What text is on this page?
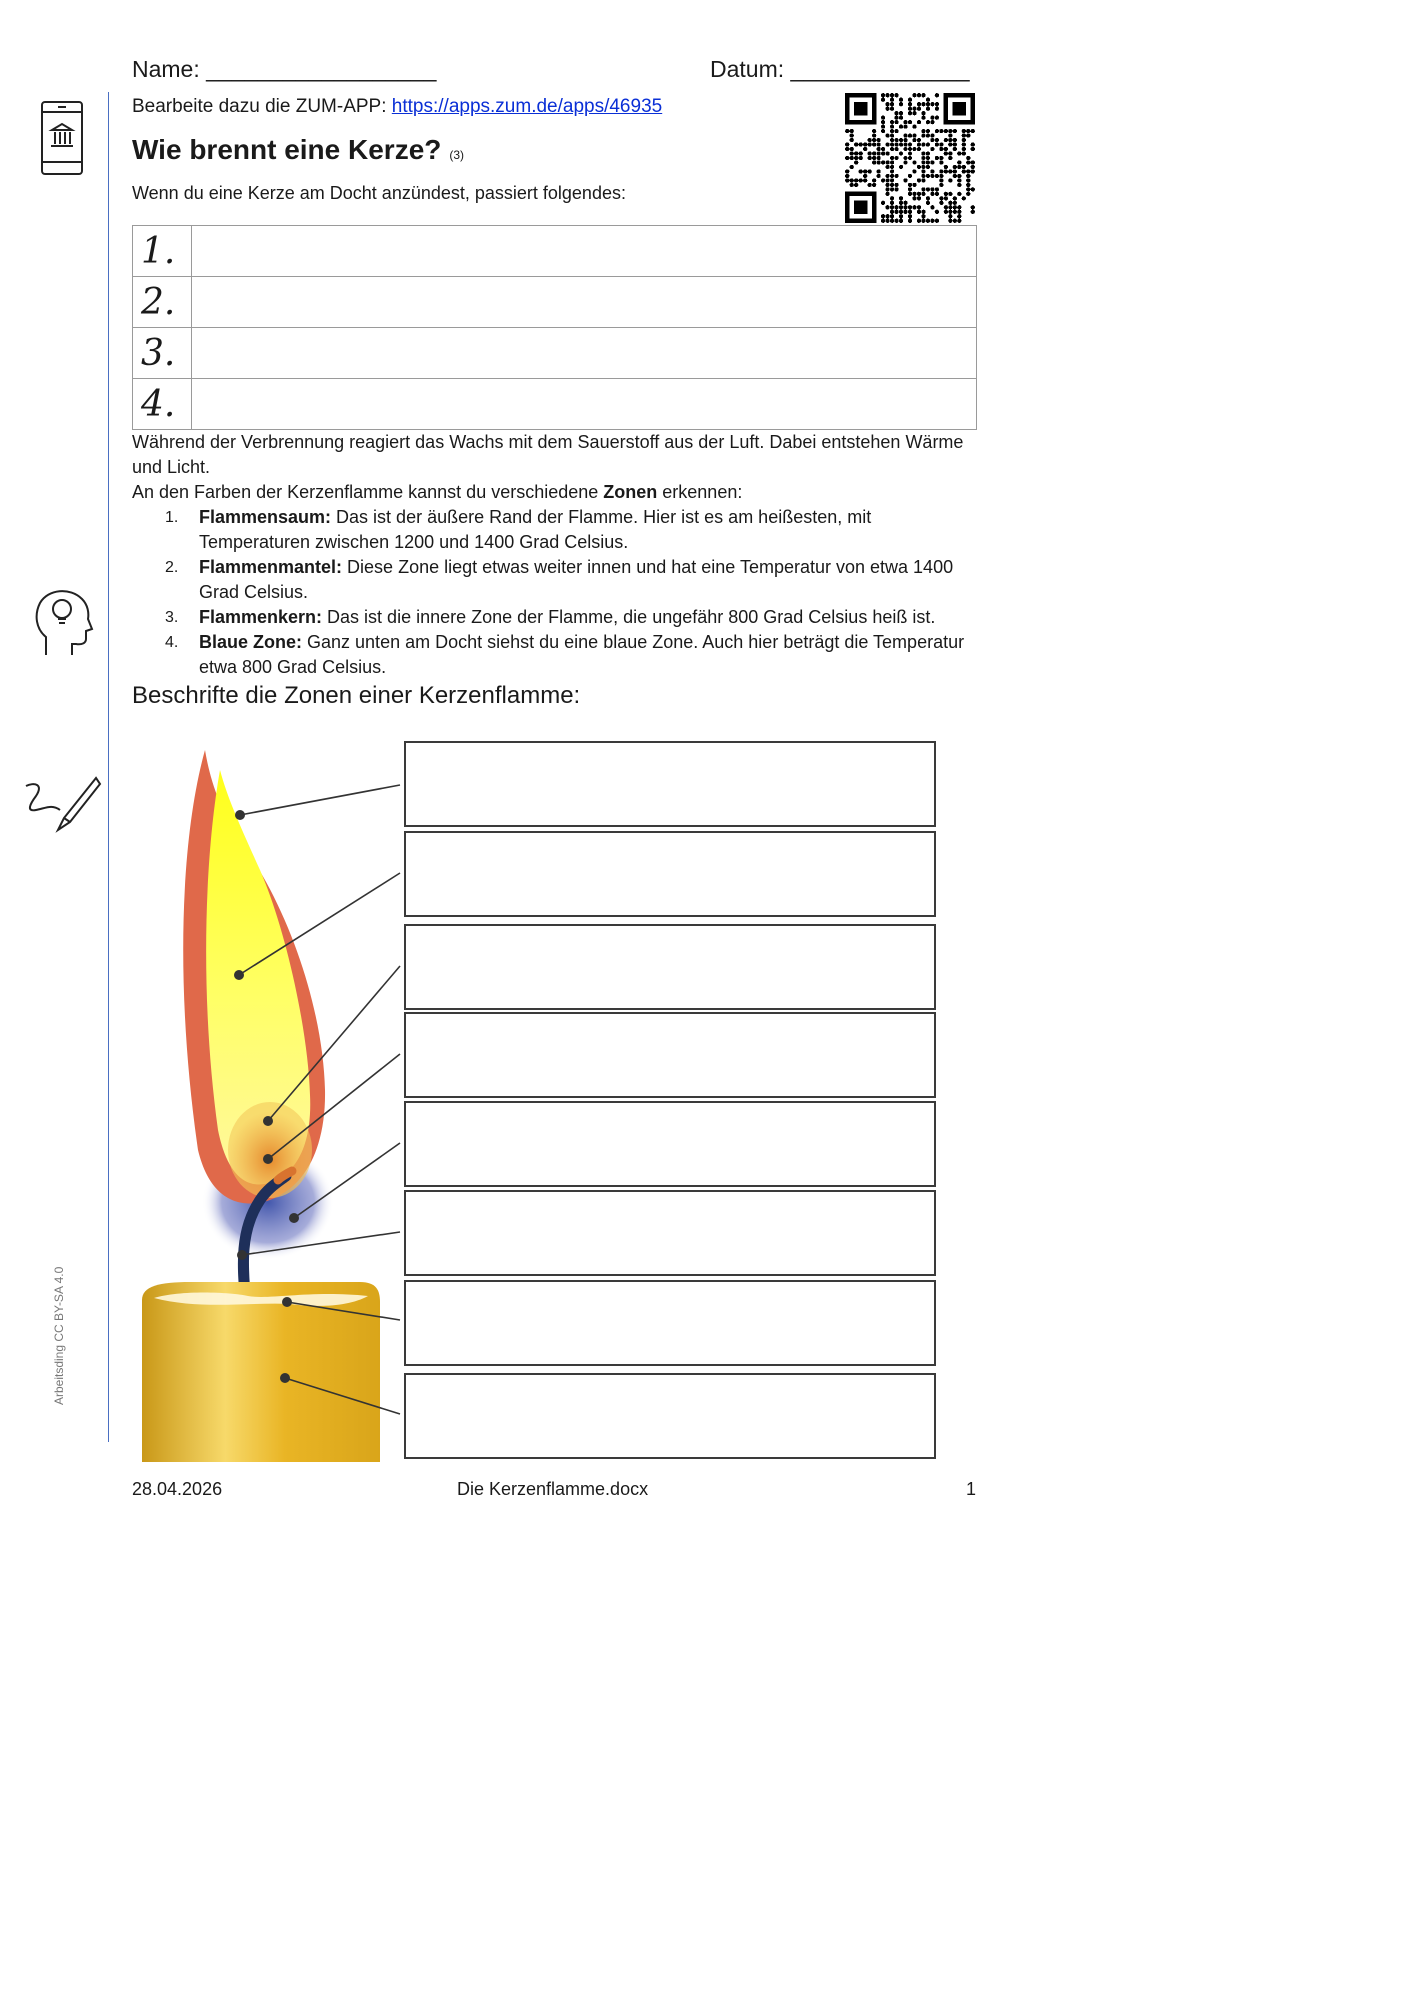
Name: __________________	Datum: ______________
Arbeitsding CC BY-SA 4.0
Bearbeite dazu die ZUM-APP: https://apps.zum.de/apps/46935
Wie brennt eine Kerze? (3)
Wenn du eine Kerze am Docht anzündest, passiert folgendes:
1.	
2.	
3.	
4.	

Während der Verbrennung reagiert das Wachs mit dem Sauerstoff aus der Luft. Dabei entstehen Wärme und Licht.

An den Farben der Kerzenflamme kannst du verschiedene Zonen erkennen:

1. Flammensaum: Das ist der äußere Rand der Flamme. Hier ist es am heißesten, mit Temperaturen zwischen 1200 und 1400 Grad Celsius.
2. Flammenmantel: Diese Zone liegt etwas weiter innen und hat eine Temperatur von etwa 1400 Grad Celsius.
3. Flammenkern: Das ist die innere Zone der Flamme, die ungefähr 800 Grad Celsius heiß ist.
4. Blaue Zone: Ganz unten am Docht siehst du eine blaue Zone. Auch hier beträgt die Temperatur etwa 800 Grad Celsius.
Beschrifte die Zonen einer Kerzenflamme:
28.04.2026	Die Kerzenflamme.docx	1
